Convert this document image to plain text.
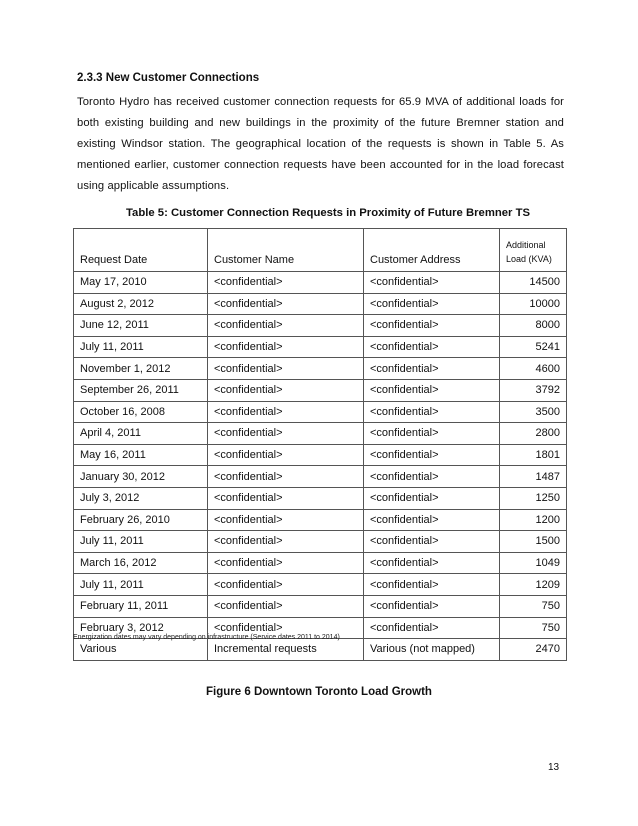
2.3.3 New Customer Connections
Toronto Hydro has received customer connection requests for 65.9 MVA of additional loads for both existing building and new buildings in the proximity of the future Bremner station and existing Windsor station. The geographical location of the requests is shown in Table 5. As mentioned earlier, customer connection requests have been accounted for in the load forecast using applicable assumptions.
Table 5: Customer Connection Requests in Proximity of Future Bremner TS
Request Date	Customer Name	Customer Address	Additional Load (KVA)
May 17, 2010	<confidential>	<confidential>	14500
August 2, 2012	<confidential>	<confidential>	10000
June 12, 2011	<confidential>	<confidential>	8000
July 11, 2011	<confidential>	<confidential>	5241
November 1, 2012	<confidential>	<confidential>	4600
September 26, 2011	<confidential>	<confidential>	3792
October 16, 2008	<confidential>	<confidential>	3500
April 4, 2011	<confidential>	<confidential>	2800
May 16, 2011	<confidential>	<confidential>	1801
January 30, 2012	<confidential>	<confidential>	1487
July 3, 2012	<confidential>	<confidential>	1250
February 26, 2010	<confidential>	<confidential>	1200
July 11, 2011	<confidential>	<confidential>	1500
March 16, 2012	<confidential>	<confidential>	1049
July 11, 2011	<confidential>	<confidential>	1209
February 11, 2011	<confidential>	<confidential>	750
February 3, 2012	<confidential>	<confidential>	750
Various	Incremental requests	Various (not mapped)	2470
Energization dates may vary depending on infrastructure (Service dates 2011 to 2014)
Figure 6 Downtown Toronto Load Growth
13
